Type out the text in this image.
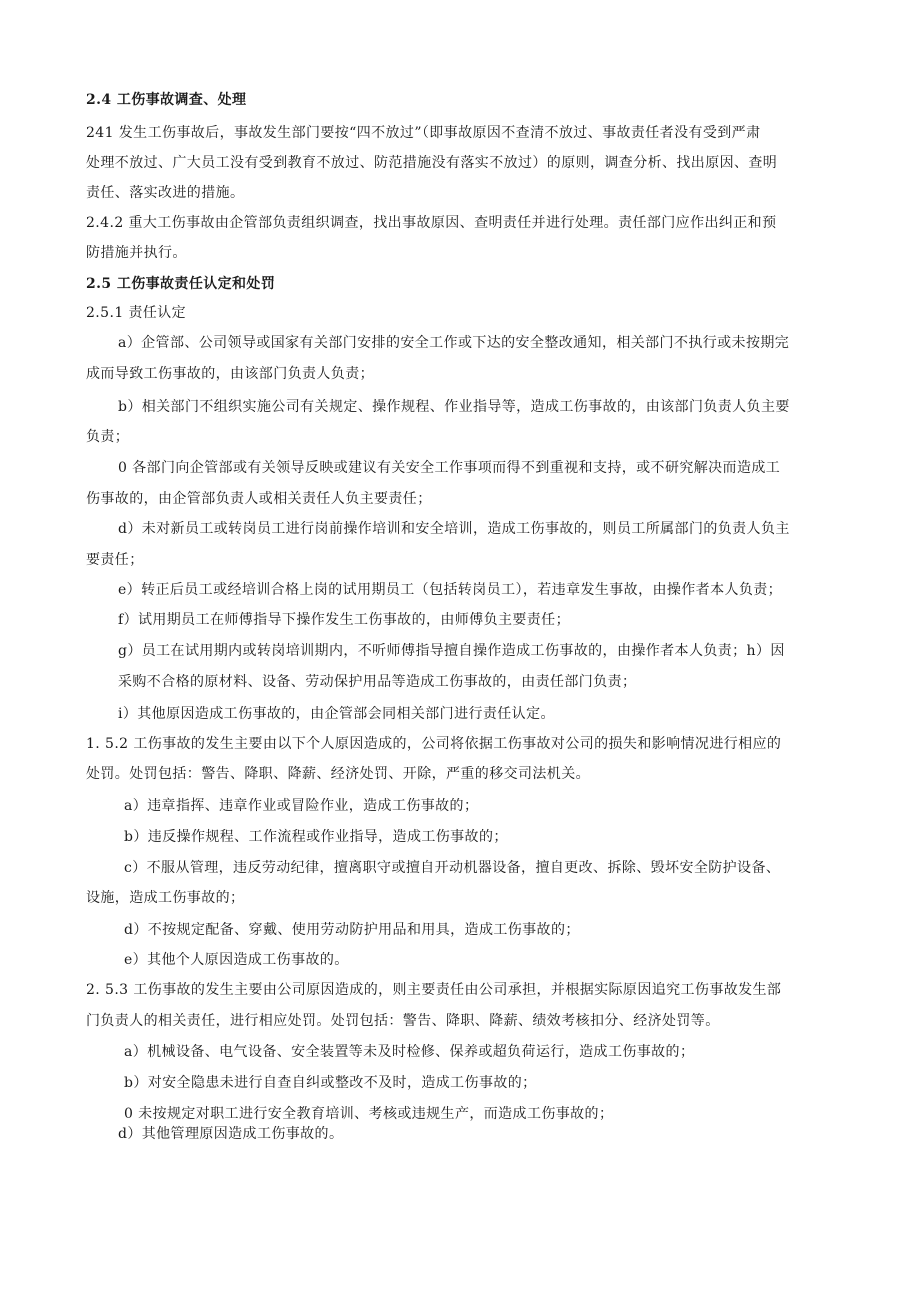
2.4 工伤事故调查、处理
241 发生工伤事故后，事故发生部门要按“四不放过”（即事故原因不查清不放过、事故责任者没有受到严肃
处理不放过、广大员工没有受到教育不放过、防范措施没有落实不放过）的原则，调查分析、找出原因、查明
责任、落实改进的措施。
2.4.2 重大工伤事故由企管部负责组织调查，找出事故原因、查明责任并进行处理。责任部门应作出纠正和预
防措施并执行。
2.5 工伤事故责任认定和处罚
2.5.1 责任认定
a）企管部、公司领导或国家有关部门安排的安全工作或下达的安全整改通知，相关部门不执行或未按期完
成而导致工伤事故的，由该部门负责人负责；
b）相关部门不组织实施公司有关规定、操作规程、作业指导等，造成工伤事故的，由该部门负责人负主要
负责；
0 各部门向企管部或有关领导反映或建议有关安全工作事项而得不到重视和支持，或不研究解决而造成工
伤事故的，由企管部负责人或相关责任人负主要责任；
d）未对新员工或转岗员工进行岗前操作培训和安全培训，造成工伤事故的，则员工所属部门的负责人负主
要责任；
e）转正后员工或经培训合格上岗的试用期员工（包括转岗员工），若违章发生事故，由操作者本人负责；
f）试用期员工在师傅指导下操作发生工伤事故的，由师傅负主要责任；
g）员工在试用期内或转岗培训期内，不听师傅指导擅自操作造成工伤事故的，由操作者本人负责；h）因
采购不合格的原材料、设备、劳动保护用品等造成工伤事故的，由责任部门负责；
i）其他原因造成工伤事故的，由企管部会同相关部门进行责任认定。
1. 5.2 工伤事故的发生主要由以下个人原因造成的，公司将依据工伤事故对公司的损失和影响情况进行相应的
处罚。处罚包括：警告、降职、降薪、经济处罚、开除，严重的移交司法机关。
a）违章指挥、违章作业或冒险作业，造成工伤事故的；
b）违反操作规程、工作流程或作业指导，造成工伤事故的；
c）不服从管理，违反劳动纪律，擅离职守或擅自开动机器设备，擅自更改、拆除、毁坏安全防护设备、
设施，造成工伤事故的；
d）不按规定配备、穿戴、使用劳动防护用品和用具，造成工伤事故的；
e）其他个人原因造成工伤事故的。
2. 5.3 工伤事故的发生主要由公司原因造成的，则主要责任由公司承担，并根据实际原因追究工伤事故发生部
门负责人的相关责任，进行相应处罚。处罚包括：警告、降职、降薪、绩效考核扣分、经济处罚等。
a）机械设备、电气设备、安全装置等未及时检修、保养或超负荷运行，造成工伤事故的；
b）对安全隐患未进行自查自纠或整改不及时，造成工伤事故的；
0 未按规定对职工进行安全教育培训、考核或违规生产，而造成工伤事故的；
d）其他管理原因造成工伤事故的。
